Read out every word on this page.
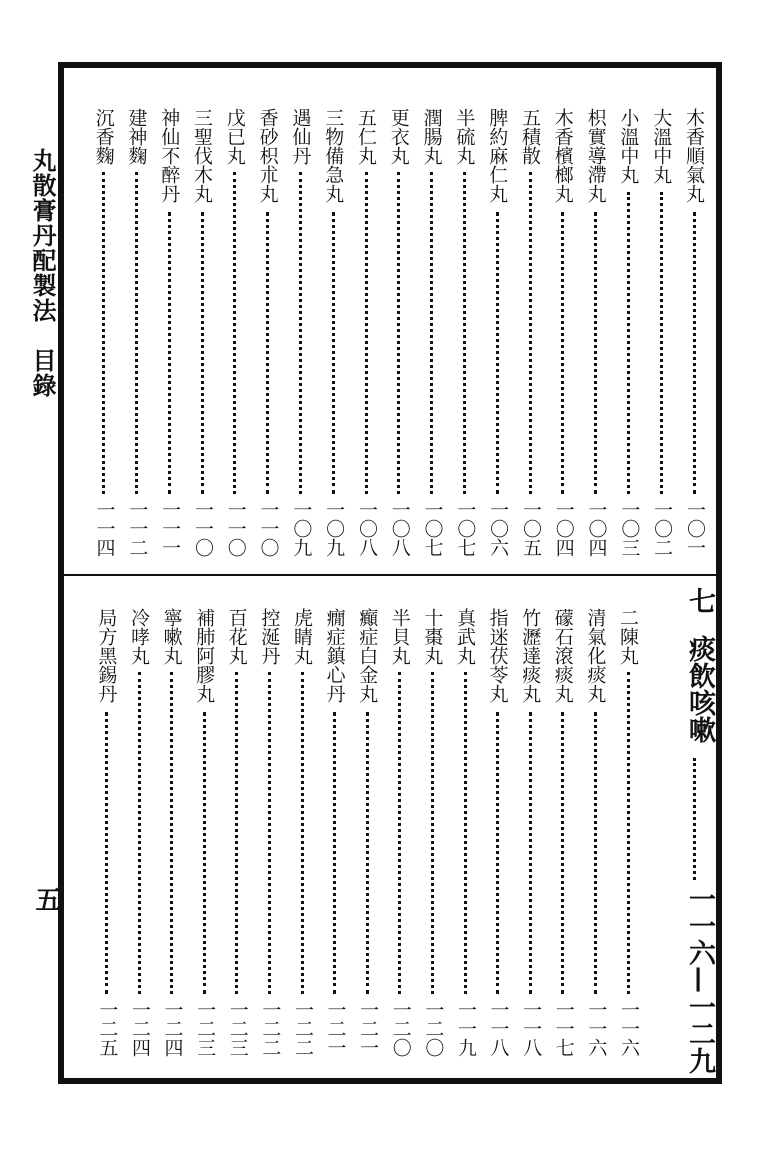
丸散膏丹配製法　目錄
五
木香順氣丸
一〇一
大溫中丸
一〇二
小溫中丸
一〇三
枳實導滯丸
一〇四
木香檳榔丸
一〇四
五積散
一〇五
脾約麻仁丸
一〇六
半硫丸
一〇七
潤腸丸
一〇七
更衣丸
一〇八
五仁丸
一〇八
三物備急丸
一〇九
遇仙丹
一〇九
香砂枳朮丸
一一〇
戊已丸
一一〇
三聖伐木丸
一一〇
神仙不醉丹
一一一
建神麴
一一二
沉香麴
一一四
二陳丸
一一六
清氣化痰丸
一一六
礞石滾痰丸
一一七
竹瀝達痰丸
一一八
指迷茯苓丸
一一八
真武丸
一一九
十棗丸
一二〇
半貝丸
一二〇
癲症白金丸
一二一
癇症鎮心丹
一二一
虎睛丸
一二二
控涎丹
一二二
百花丸
一二三
補肺阿膠丸
一二三
寧嗽丸
一二四
冷哮丸
一二四
局方黑錫丹
一二五
七
痰飲咳嗽
一一六—一二九
